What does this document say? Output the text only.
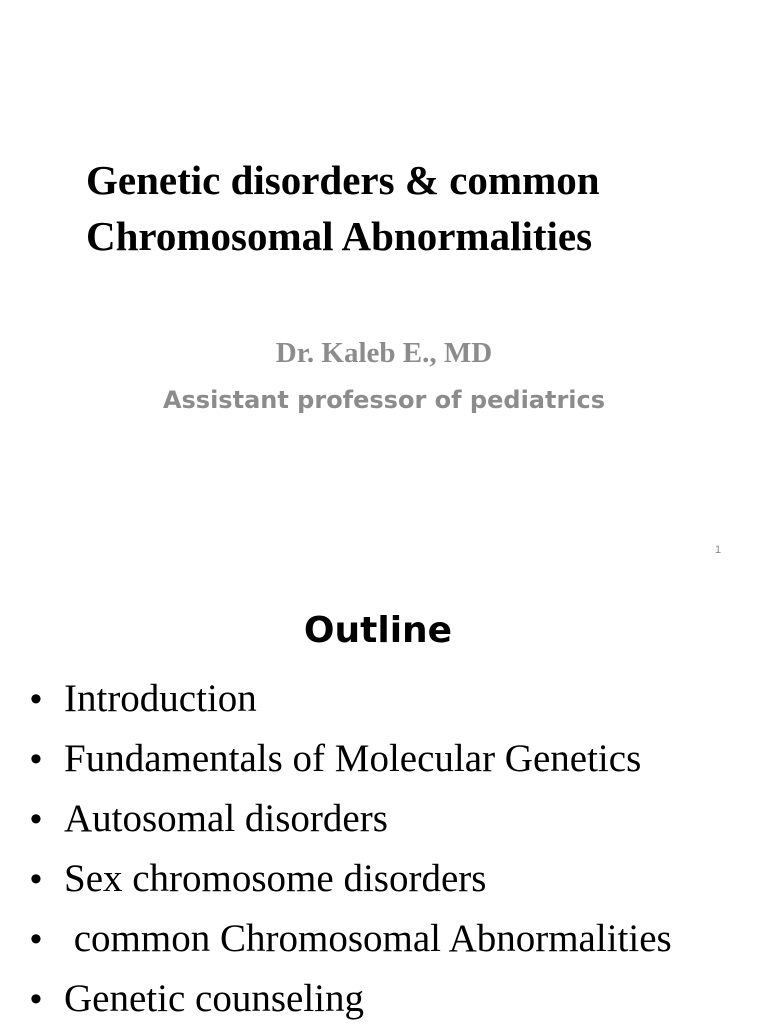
Genetic disorders & common
Chromosomal Abnormalities
Dr. Kaleb E., MD
Assistant professor of pediatrics
1
Outline
• Introduction
• Fundamentals of Molecular Genetics
• Autosomal disorders
• Sex chromosome disorders
• common Chromosomal Abnormalities
• Genetic counseling
